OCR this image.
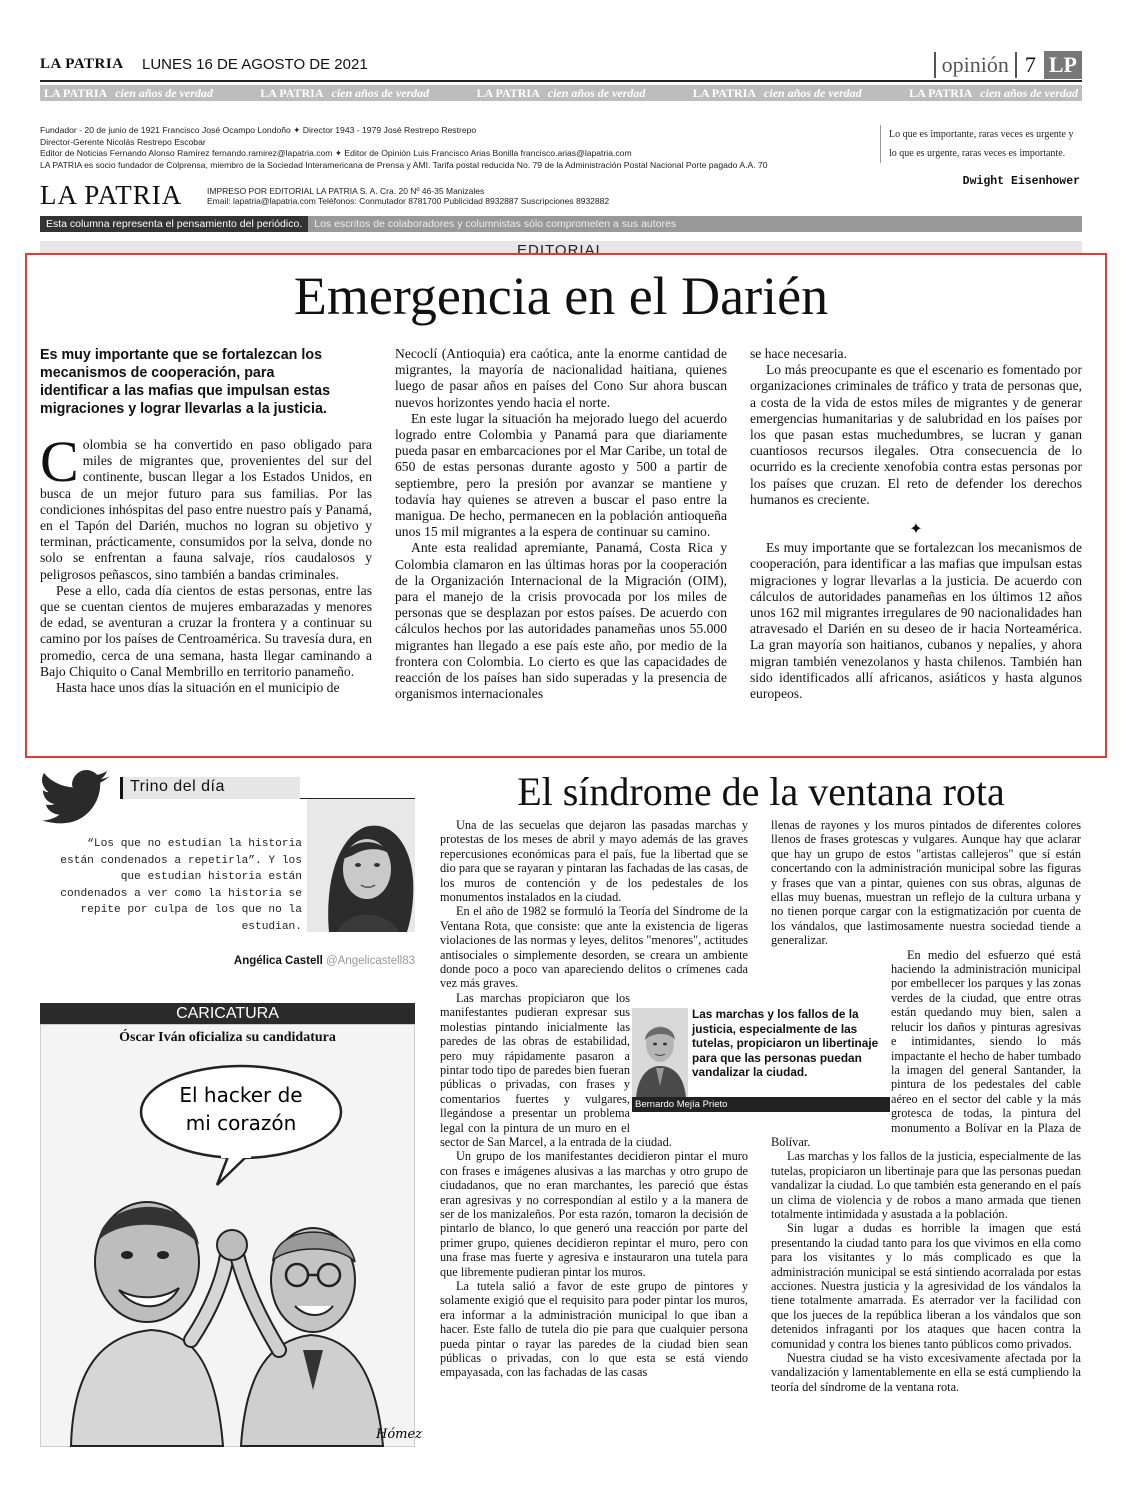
LA PATRIA LUNES 16 DE AGOSTO DE 2021	opinión 7 LP
LA PATRIA cien años de verdad	LA PATRIA cien años de verdad	LA PATRIA cien años de verdad	LA PATRIA cien años de verdad	LA PATRIA cien años de verdad
Fundador - 20 de junio de 1921 Francisco José Ocampo Londoño ✦ Director 1943 - 1979 José Restrepo Restrepo
Director-Gerente Nicolás Restrepo Escobar
Editor de Noticias Fernando Alonso Ramírez fernando.ramirez@lapatria.com ✦ Editor de Opinión Luis Francisco Arias Bonilla francisco.arias@lapatria.com
LA PATRIA es socio fundador de Colprensa, miembro de la Sociedad Interamericana de Prensa y AMI. Tarifa postal reducida No. 79 de la Administración Postal Nacional Porte pagado A.A. 70
Lo que es importante, raras veces es urgente y lo que es urgente, raras veces es importante.
Dwight Eisenhower
LA PATRIA	IMPRESO POR EDITORIAL LA PATRIA S. A. Cra. 20 Nº 46-35 Manizales
Email: lapatria@lapatria.com Teléfonos: Conmutador 8781700 Publicidad 8932887 Suscripciones 8932882
Esta columna representa el pensamiento del periódico.	Los escritos de colaboradores y columnistas sólo comprometen a sus autores
EDITORIAL
Emergencia en el Darién
Es muy importante que se fortalezcan los mecanismos de cooperación, para identificar a las mafias que impulsan estas migraciones y lograr llevarlas a la justicia.

Colombia se ha convertido en paso obligado para miles de migrantes que, provenientes del sur del continente, buscan llegar a los Estados Unidos, en busca de un mejor futuro para sus familias. Por las condiciones inhóspitas del paso entre nuestro país y Panamá, en el Tapón del Darién, muchos no logran su objetivo y terminan, prácticamente, consumidos por la selva, donde no solo se enfrentan a fauna salvaje, ríos caudalosos y peligrosos peñascos, sino también a bandas criminales.

Pese a ello, cada día cientos de estas personas, entre las que se cuentan cientos de mujeres embarazadas y menores de edad, se aventuran a cruzar la frontera y a continuar su camino por los países de Centroamérica. Su travesía dura, en promedio, cerca de una semana, hasta llegar caminando a Bajo Chiquito o Canal Membrillo en territorio panameño.

Hasta hace unos días la situación en el municipio de

Necoclí (Antioquia) era caótica, ante la enorme cantidad de migrantes, la mayoría de nacionalidad haitiana, quienes luego de pasar años en países del Cono Sur ahora buscan nuevos horizontes yendo hacia el norte.

En este lugar la situación ha mejorado luego del acuerdo logrado entre Colombia y Panamá para que diariamente pueda pasar en embarcaciones por el Mar Caribe, un total de 650 de estas personas durante agosto y 500 a partir de septiembre, pero la presión por avanzar se mantiene y todavía hay quienes se atreven a buscar el paso entre la manigua. De hecho, permanecen en la población antioqueña unos 15 mil migrantes a la espera de continuar su camino.

Ante esta realidad apremiante, Panamá, Costa Rica y Colombia clamaron en las últimas horas por la cooperación de la Organización Internacional de la Migración (OIM), para el manejo de la crisis provocada por los miles de personas que se desplazan por estos países. De acuerdo con cálculos hechos por las autoridades panameñas unos 55.000 migrantes han llegado a ese país este año, por medio de la frontera con Colombia. Lo cierto es que las capacidades de reacción de los países han sido superadas y la presencia de organismos internacionales

se hace necesaria.

Lo más preocupante es que el escenario es fomentado por organizaciones criminales de tráfico y trata de personas que, a costa de la vida de estos miles de migrantes y de generar emergencias humanitarias y de salubridad en los países por los que pasan estas muchedumbres, se lucran y ganan cuantiosos recursos ilegales. Otra consecuencia de lo ocurrido es la creciente xenofobia contra estas personas por los países que cruzan. El reto de defender los derechos humanos es creciente.

✦

Es muy importante que se fortalezcan los mecanismos de cooperación, para identificar a las mafias que impulsan estas migraciones y lograr llevarlas a la justicia. De acuerdo con cálculos de autoridades panameñas en los últimos 12 años unos 162 mil migrantes irregulares de 90 nacionalidades han atravesado el Darién en su deseo de ir hacia Norteamérica. La gran mayoría son haitianos, cubanos y nepalíes, y ahora migran también venezolanos y hasta chilenos. También han sido identificados allí africanos, asiáticos y hasta algunos europeos.

Trino del día
“Los que no estudian la historia están condenados a repetirla”. Y los que estudian historia están condenados a ver como la historia se repite por culpa de los que no la estudian.
Angélica Castell @Angelicastell83
CARICATURA
Óscar Iván oficializa su candidatura
El hacker de
mi corazón
Hómez
El síndrome de la ventana rota

Una de las secuelas que dejaron las pasadas marchas y protestas de los meses de abril y mayo además de las graves repercusiones económicas para el país, fue la libertad que se dio para que se rayaran y pintaran las fachadas de las casas, de los muros de contención y de los pedestales de los monumentos instalados en la ciudad.

En el año de 1982 se formuló la Teoría del Síndrome de la Ventana Rota, que consiste: que ante la existencia de ligeras violaciones de las normas y leyes, delitos "menores", actitudes antisociales o simplemente desorden, se creara un ambiente donde poco a poco van apareciendo delitos o crímenes cada vez más graves.

Las marchas propiciaron que los manifestantes pudieran expresar sus molestias pintando inicialmente las paredes de las obras de estabilidad, pero muy rápidamente pasaron a pintar todo tipo de paredes bien fueran públicas o privadas, con frases y comentarios fuertes y vulgares, llegándose a presentar un problema legal con la pintura de un muro en el sector de San Marcel, a la entrada de la ciudad.

Un grupo de los manifestantes decidieron pintar el muro con frases e imágenes alusivas a las marchas y otro grupo de ciudadanos, que no eran marchantes, les pareció que éstas eran agresivas y no correspondían al estilo y a la manera de ser de los manizaleños. Por esta razón, tomaron la decisión de pintarlo de blanco, lo que generó una reacción por parte del primer grupo, quienes decidieron repintar el muro, pero con una frase mas fuerte y agresiva e instauraron una tutela para que libremente pudieran pintar los muros.

La tutela salió a favor de este grupo de pintores y solamente exigió que el requisito para poder pintar los muros, era informar a la administración municipal lo que iban a hacer. Este fallo de tutela dio pie para que cualquier persona pueda pintar o rayar las paredes de la ciudad bien sean públicas o privadas, con lo que esta se está viendo empayasada, con las fachadas de las casas

llenas de rayones y los muros pintados de diferentes colores llenos de frases grotescas y vulgares. Aunque hay que aclarar que hay un grupo de estos "artistas callejeros" que sí están concertando con la administración municipal sobre las figuras y frases que van a pintar, quienes con sus obras, algunas de ellas muy buenas, muestran un reflejo de la cultura urbana y no tienen porque cargar con la estigmatización por cuenta de los vándalos, que lastimosamente nuestra sociedad tiende a generalizar.

En medio del esfuerzo qué está haciendo la administración municipal por embellecer los parques y las zonas verdes de la ciudad, que entre otras están quedando muy bien, salen a relucir los daños y pinturas agresivas e intimidantes, siendo lo más impactante el hecho de haber tumbado la imagen del general Santander, la pintura de los pedestales del cable aéreo en el sector del cable y la más grotesca de todas, la pintura del monumento a Bolívar en la Plaza de Bolívar.

Las marchas y los fallos de la justicia, especialmente de las tutelas, propiciaron un libertinaje para que las personas puedan vandalizar la ciudad. Lo que también esta generando en el país un clima de violencia y de robos a mano armada que tienen totalmente intimidada y asustada a la población.

Sin lugar a dudas es horrible la imagen que está presentando la ciudad tanto para los que vivimos en ella como para los visitantes y lo más complicado es que la administración municipal se está sintiendo acorralada por estas acciones. Nuestra justicia y la agresividad de los vándalos la tiene totalmente amarrada. Es aterrador ver la facilidad con que los jueces de la república liberan a los vándalos que son detenidos infraganti por los ataques que hacen contra la comunidad y contra los bienes tanto públicos como privados.

Nuestra ciudad se ha visto excesivamente afectada por la vandalización y lamentablemente en ella se está cumpliendo la teoría del síndrome de la ventana rota.

Las marchas y los fallos de la justicia, especialmente de las tutelas, propiciaron un libertinaje para que las personas puedan vandalizar la ciudad.
Bernardo Mejía Prieto
